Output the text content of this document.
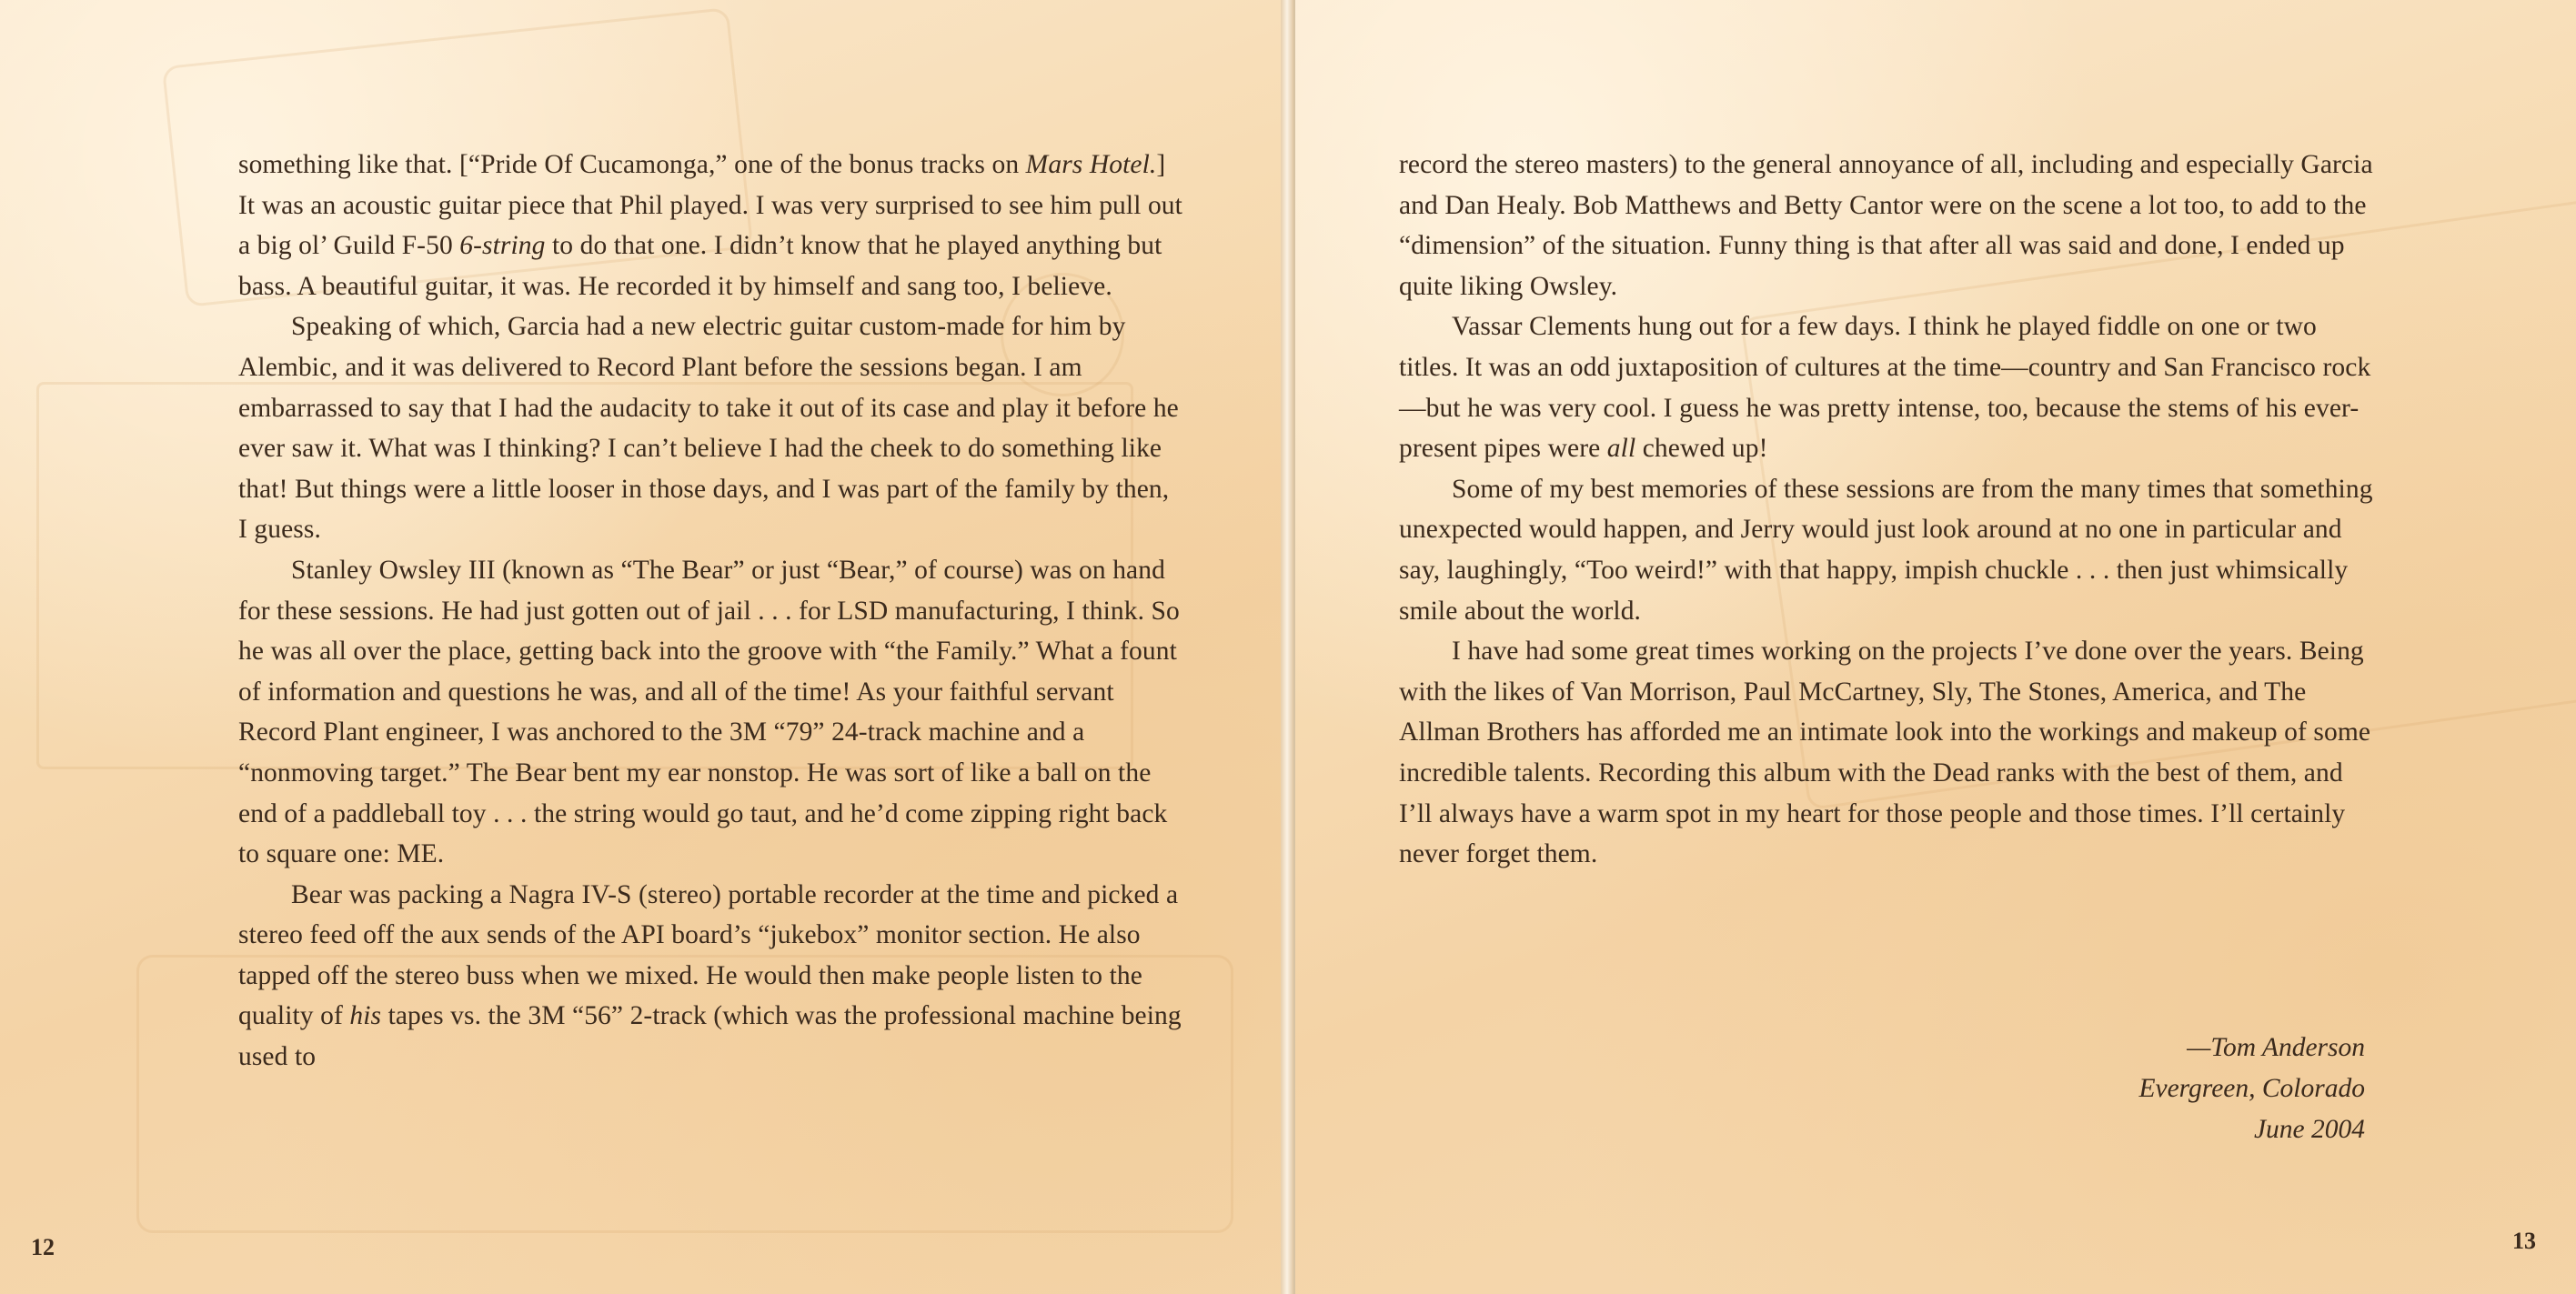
something like that. [“Pride Of Cucamonga,” one of the bonus tracks on Mars Hotel.] It was an acoustic guitar piece that Phil played. I was very surprised to see him pull out a big ol’ Guild F-50 6-string to do that one. I didn’t know that he played anything but bass. A beautiful guitar, it was. He recorded it by himself and sang too, I believe.

Speaking of which, Garcia had a new electric guitar custom-made for him by Alembic, and it was delivered to Record Plant before the sessions began. I am embarrassed to say that I had the audacity to take it out of its case and play it before he ever saw it. What was I thinking? I can’t believe I had the cheek to do something like that! But things were a little looser in those days, and I was part of the family by then, I guess.

Stanley Owsley III (known as “The Bear” or just “Bear,” of course) was on hand for these sessions. He had just gotten out of jail . . . for LSD manufacturing, I think. So he was all over the place, getting back into the groove with “the Family.” What a fount of information and questions he was, and all of the time! As your faithful servant Record Plant engineer, I was anchored to the 3M “79” 24-track machine and a “nonmoving target.” The Bear bent my ear nonstop. He was sort of like a ball on the end of a paddleball toy . . . the string would go taut, and he’d come zipping right back to square one: ME.

Bear was packing a Nagra IV-S (stereo) portable recorder at the time and picked a stereo feed off the aux sends of the API board’s “jukebox” monitor section. He also tapped off the stereo buss when we mixed. He would then make people listen to the quality of his tapes vs. the 3M “56” 2-track (which was the professional machine being used to

12

record the stereo masters) to the general annoyance of all, including and especially Garcia and Dan Healy. Bob Matthews and Betty Cantor were on the scene a lot too, to add to the “dimension” of the situation. Funny thing is that after all was said and done, I ended up quite liking Owsley.

Vassar Clements hung out for a few days. I think he played fiddle on one or two titles. It was an odd juxtaposition of cultures at the time—country and San Francisco rock—but he was very cool. I guess he was pretty intense, too, because the stems of his ever-present pipes were all chewed up!

Some of my best memories of these sessions are from the many times that something unexpected would happen, and Jerry would just look around at no one in particular and say, laughingly, “Too weird!” with that happy, impish chuckle . . . then just whimsically smile about the world.

I have had some great times working on the projects I’ve done over the years. Being with the likes of Van Morrison, Paul McCartney, Sly, The Stones, America, and The Allman Brothers has afforded me an intimate look into the workings and makeup of some incredible talents. Recording this album with the Dead ranks with the best of them, and I’ll always have a warm spot in my heart for those people and those times. I’ll certainly never forget them.

—Tom Anderson
Evergreen, Colorado
June 2004
13
